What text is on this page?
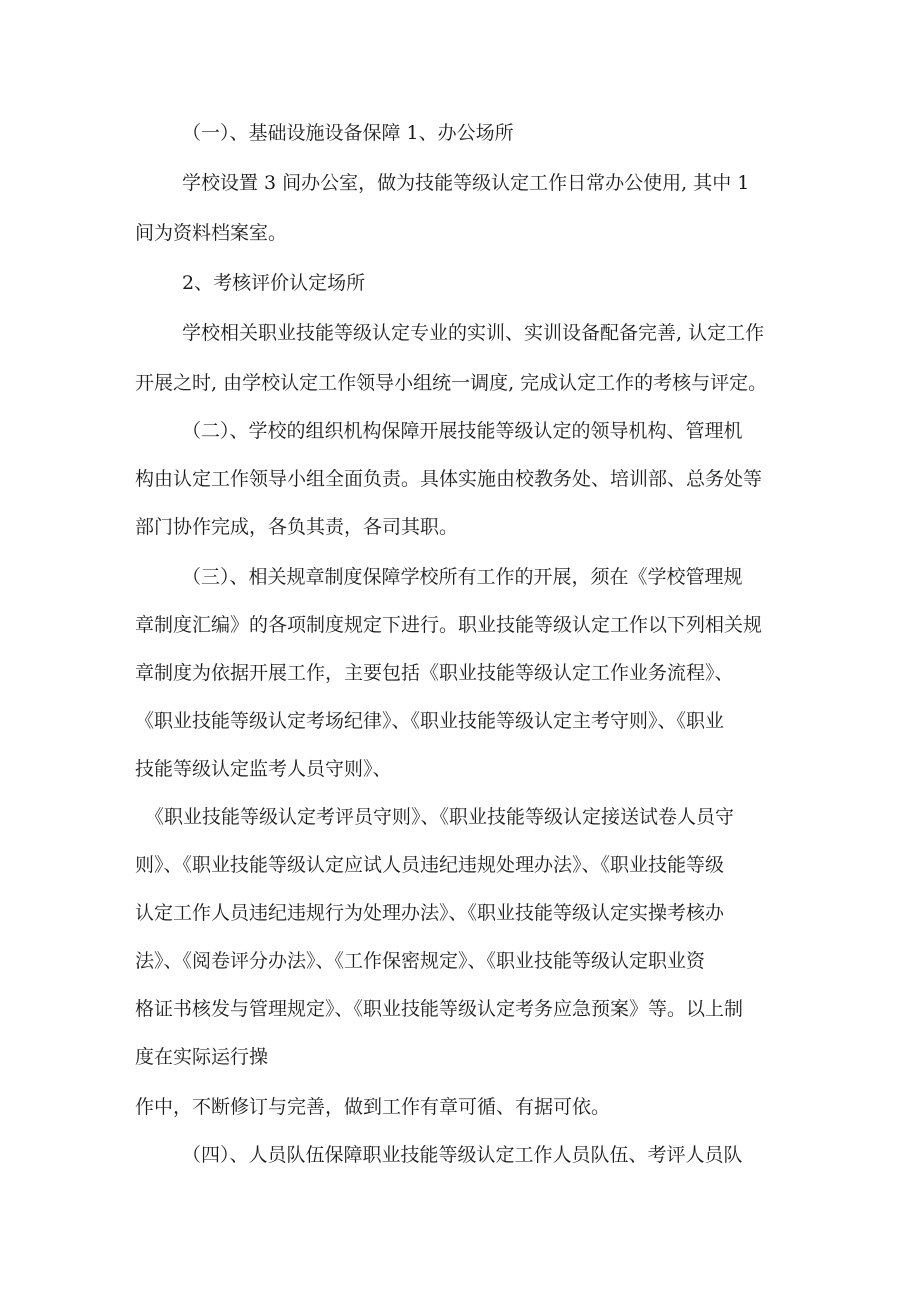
（一）、基础设施设备保障 1、办公场所
学校设置 3 间办公室，做为技能等级认定工作日常办公使用, 其中 1
间为资料档案室。
2、考核评价认定场所
学校相关职业技能等级认定专业的实训、实训设备配备完善, 认定工作
开展之时, 由学校认定工作领导小组统一调度, 完成认定工作的考核与评定。
（二）、学校的组织机构保障开展技能等级认定的领导机构、管理机
构由认定工作领导小组全面负责。具体实施由校教务处、培训部、总务处等
部门协作完成，各负其责，各司其职。
（三）、相关规章制度保障学校所有工作的开展，须在《学校管理规
章制度汇编》的各项制度规定下进行。职业技能等级认定工作以下列相关规
章制度为依据开展工作，主要包括《职业技能等级认定工作业务流程》、
《职业技能等级认定考场纪律》、《职业技能等级认定主考守则》、《职业
技能等级认定监考人员守则》、
《职业技能等级认定考评员守则》、《职业技能等级认定接送试卷人员守
则》、《职业技能等级认定应试人员违纪违规处理办法》、《职业技能等级
认定工作人员违纪违规行为处理办法》、《职业技能等级认定实操考核办
法》、《阅卷评分办法》、《工作保密规定》、《职业技能等级认定职业资
格证书核发与管理规定》、《职业技能等级认定考务应急预案》等。以上制
度在实际运行操
作中，不断修订与完善，做到工作有章可循、有据可依。
（四）、人员队伍保障职业技能等级认定工作人员队伍、考评人员队
